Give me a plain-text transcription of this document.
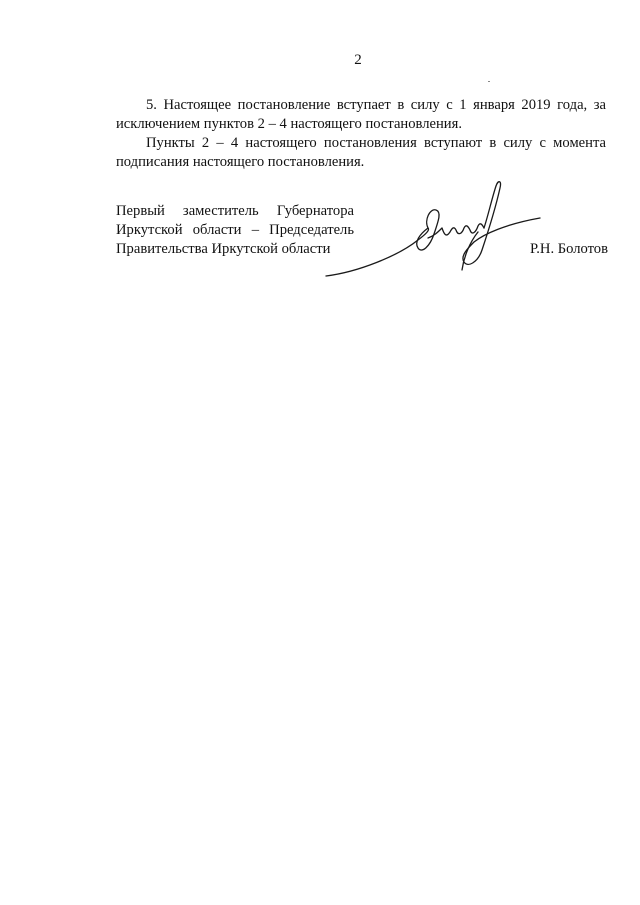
2

5. Настоящее постановление вступает в силу с 1 января 2019 года, за исключением пунктов 2 – 4 настоящего постановления.

Пункты 2 – 4 настоящего постановления вступают в силу с момента подписания настоящего постановления.

Первый заместитель Губернатора
Иркутской области – Председатель
Правительства Иркутской области	Р.Н. Болотов
